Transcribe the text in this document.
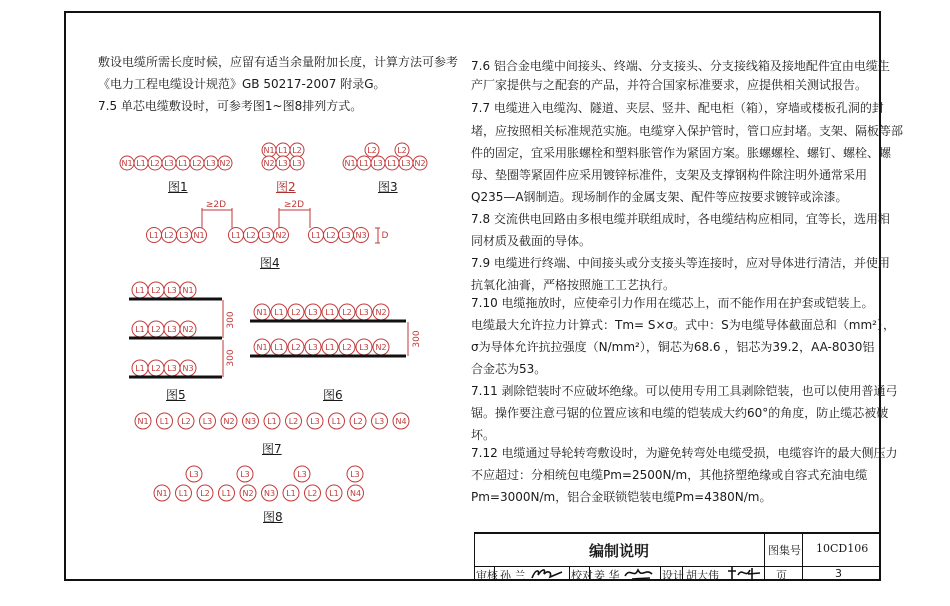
敷设电缆所需长度时候，应留有适当余量附加长度，计算方法可参考
《电力工程电缆设计规范》GB 50217-2007 附录G。
7.5 单芯电缆敷设时，可参考图1~图8排列方式。
N1 L1 L2 L3 L1 L2 L3 N2
N1 L1 L2
N2 L3 L3
L2	L2
N1 L1 L3 L1 L3 N2
L1 L2 L3 N1	L1 L2 L3 N2	L1 L2 L3 N3
≥2D	≥2D
D
L1 L2 L3 N1
L1 L2 L3 N2
L1 L2 L3 N3
300
300
N1 L1 L2 L3 L1 L2 L3 N2
N1 L1 L2 L3 L1 L2 L3 N2	300
N1 L1 L2 L3 N2 N3 L1 L2 L3 L1 L2 L3 N4
N1 L1 L2 L1 N2 N3 L1 L2 L1 N4
L3	L3	L3	L3
图1	图2	图3
图4
图5	图6
图7
图8
7.6 铝合金电缆中间接头、终端、分支接头、分支接线箱及接地配件宜由电缆生
产厂家提供与之配套的产品，并符合国家标准要求，应提供相关测试报告。
7.7 电缆进入电缆沟、隧道、夹层、竖井、配电柜（箱），穿墙或楼板孔洞的封
堵，应按照相关标准规范实施。电缆穿入保护管时，管口应封堵。支架、隔板等部
件的固定，宜采用胀螺栓和塑料胀管作为紧固方案。胀螺螺栓、螺钉、螺栓、螺
母、垫圈等紧固件应采用镀锌标准件，支架及支撑钢构件除注明外通常采用
Q235—A钢制造。现场制作的金属支架、配件等应按要求镀锌或涂漆。
7.8 交流供电回路由多根电缆并联组成时，各电缆结构应相同，宜等长，选用相
同材质及截面的导体。
7.9 电缆进行终端、中间接头或分支接头等连接时，应对导体进行清洁，并使用
抗氧化油膏，严格按照施工工艺执行。
7.10 电缆拖放时，应使牵引力作用在缆芯上，而不能作用在护套或铠装上。
电缆最大允许拉力计算式：Tm= S×σ。式中：S为电缆导体截面总和（mm²），
σ为导体允许抗拉强度（N/mm²），铜芯为68.6 ，铝芯为39.2，AA-8030铝
合金芯为53。
7.11 剥除铠装时不应破坏绝缘。可以使用专用工具剥除铠装，也可以使用普通弓
锯。操作要注意弓锯的位置应该和电缆的铠装成大约60°的角度，防止缆芯被破
坏。
7.12 电缆通过导轮转弯敷设时，为避免转弯处电缆受损，电缆容许的最大侧压力
不应超过：分相统包电缆Pm=2500N/m，其他挤塑绝缘或自容式充油电缆
Pm=3000N/m，铝合金联锁铠装电缆Pm=4380N/m。
编制说明	图集号 10CD106
审核 孙 兰	校对 姜 华	设计 胡大伟	页	3
